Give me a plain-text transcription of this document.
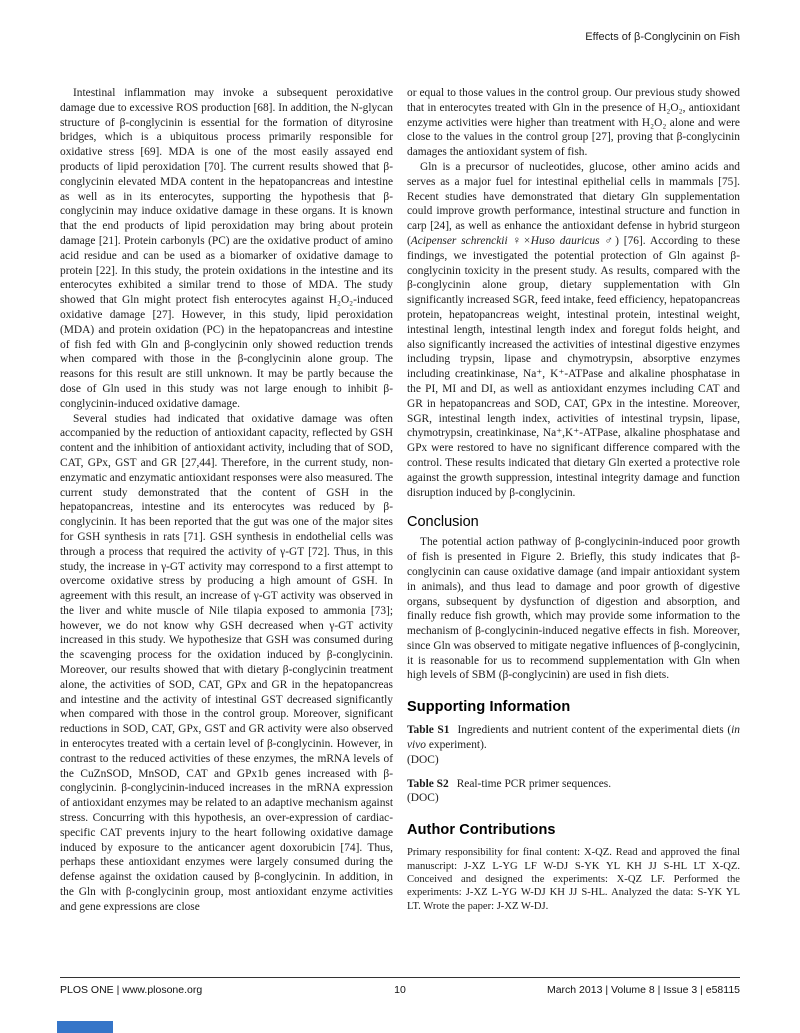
Effects of β-Conglycinin on Fish

Intestinal inflammation may invoke a subsequent peroxidative damage due to excessive ROS production [68]. In addition, the N-glycan structure of β-conglycinin is essential for the formation of dityrosine bridges, which is a ubiquitous process primarily responsible for oxidative stress [69]. MDA is one of the most easily assayed end products of lipid peroxidation [70]. The current results showed that β-conglycinin elevated MDA content in the hepatopancreas and intestine as well as in its enterocytes, supporting the hypothesis that β-conglycinin may induce oxidative damage in these organs. It is known that the end products of lipid peroxidation may bring about protein damage [21]. Protein carbonyls (PC) are the oxidative product of amino acid residue and can be used as a biomarker of oxidative damage to protein [22]. In this study, the protein oxidations in the intestine and its enterocytes exhibited a similar trend to those of MDA. The study showed that Gln might protect fish enterocytes against H₂O₂-induced oxidative damage [27]. However, in this study, lipid peroxidation (MDA) and protein oxidation (PC) in the hepatopancreas and intestine of fish fed with Gln and β-conglycinin only showed reduction trends when compared with those in the β-conglycinin alone group. The reasons for this result are still unknown. It may be partly because the dose of Gln used in this study was not large enough to inhibit β-conglycinin-induced oxidative damage.

Several studies had indicated that oxidative damage was often accompanied by the reduction of antioxidant capacity, reflected by GSH content and the inhibition of antioxidant activity, including that of SOD, CAT, GPx, GST and GR [27,44]. Therefore, in the current study, non-enzymatic and enzymatic antioxidant responses were also measured. The current study demonstrated that the content of GSH in the hepatopancreas, intestine and its enterocytes was reduced by β-conglycinin. It has been reported that the gut was one of the major sites for GSH synthesis in rats [71]. GSH synthesis in endothelial cells was through a process that required the activity of γ-GT [72]. Thus, in this study, the increase in γ-GT activity may correspond to a first attempt to overcome oxidative stress by producing a high amount of GSH. In agreement with this result, an increase of γ-GT activity was observed in the liver and white muscle of Nile tilapia exposed to ammonia [73]; however, we do not know why GSH decreased when γ-GT activity increased in this study. We hypothesize that GSH was consumed during the scavenging process for the oxidation induced by β-conglycinin. Moreover, our results showed that with dietary β-conglycinin treatment alone, the activities of SOD, CAT, GPx and GR in the hepatopancreas and intestine and the activity of intestinal GST decreased significantly when compared with those in the control group. Moreover, significant reductions in SOD, CAT, GPx, GST and GR activity were also observed in enterocytes treated with a certain level of β-conglycinin. However, in contrast to the reduced activities of these enzymes, the mRNA levels of the CuZnSOD, MnSOD, CAT and GPx1b genes increased with β-conglycinin. β-conglycinin-induced increases in the mRNA expression of antioxidant enzymes may be related to an adaptive mechanism against stress. Concurring with this hypothesis, an over-expression of cardiac-specific CAT prevents injury to the heart following oxidative damage induced by exposure to the anticancer agent doxorubicin [74]. Thus, perhaps these antioxidant enzymes were largely consumed during the defense against the oxidation caused by β-conglycinin. In addition, in the Gln with β-conglycinin group, most antioxidant enzyme activities and gene expressions are close

or equal to those values in the control group. Our previous study showed that in enterocytes treated with Gln in the presence of H₂O₂, antioxidant enzyme activities were higher than treatment with H₂O₂ alone and were close to the values in the control group [27], proving that β-conglycinin damages the antioxidant system of fish.

Gln is a precursor of nucleotides, glucose, other amino acids and serves as a major fuel for intestinal epithelial cells in mammals [75]. Recent studies have demonstrated that dietary Gln supplementation could improve growth performance, intestinal structure and function in carp [24], as well as enhance the antioxidant defense in hybrid sturgeon (Acipenser schrenckii ♀×Huso dauricus ♂) [76]. According to these findings, we investigated the potential protection of Gln against β-conglycinin toxicity in the present study. As results, compared with the β-conglycinin alone group, dietary supplementation with Gln significantly increased SGR, feed intake, feed efficiency, hepatopancreas protein, hepatopancreas weight, intestinal protein, intestinal weight, intestinal length, intestinal length index and foregut folds height, and also significantly increased the activities of intestinal digestive enzymes including trypsin, lipase and chymotrypsin, absorptive enzymes including creatinkinase, Na⁺, K⁺-ATPase and alkaline phosphatase in the PI, MI and DI, as well as antioxidant enzymes including CAT and GR in hepatopancreas and SOD, CAT, GPx in the intestine. Moreover, SGR, intestinal length index, activities of intestinal trypsin, lipase, chymotrypsin, creatinkinase, Na⁺,K⁺-ATPase, alkaline phosphatase and GPx were restored to have no significant difference compared with the control. These results indicated that dietary Gln exerted a protective role against the growth suppression, intestinal integrity damage and function disruption induced by β-conglycinin.

Conclusion

The potential action pathway of β-conglycinin-induced poor growth of fish is presented in Figure 2. Briefly, this study indicates that β-conglycinin can cause oxidative damage (and impair antioxidant system in animals), and thus lead to damage and poor growth of digestive organs, subsequent by dysfunction of digestion and absorption, and finally reduce fish growth, which may provide some information to the mechanism of β-conglycinin-induced negative effects in fish. Moreover, since Gln was observed to mitigate negative influences of β-conglycinin, it is reasonable for us to recommend supplementation with Gln when high levels of SBM (β-conglycinin) are used in fish diets.

Supporting Information

Table S1 Ingredients and nutrient content of the experimental diets (in vivo experiment).

(DOC)

Table S2 Real-time PCR primer sequences.

(DOC)

Author Contributions

Primary responsibility for final content: X-QZ. Read and approved the final manuscript: J-XZ L-YG LF W-DJ S-YK YL KH JJ S-HL LT X-QZ. Conceived and designed the experiments: X-QZ LF. Performed the experiments: J-XZ L-YG W-DJ KH JJ S-HL. Analyzed the data: S-YK YL LT. Wrote the paper: J-XZ W-DJ.

PLOS ONE | www.plosone.org	10	March 2013 | Volume 8 | Issue 3 | e58115
